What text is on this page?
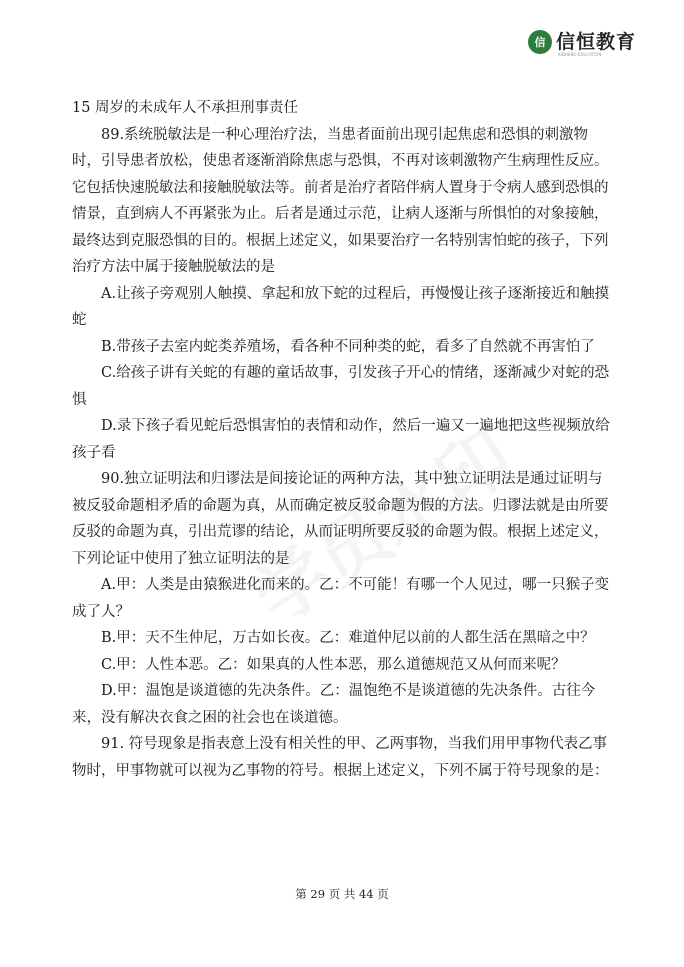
信 信恒教育
XINHENG EDUCATION

15 周岁的未成年人不承担刑事责任

89.系统脱敏法是一种心理治疗法，当患者面前出现引起焦虑和恐惧的刺激物时，引导患者放松，使患者逐渐消除焦虑与恐惧，不再对该刺激物产生病理性反应。它包括快速脱敏法和接触脱敏法等。前者是治疗者陪伴病人置身于令病人感到恐惧的情景，直到病人不再紧张为止。后者是通过示范，让病人逐渐与所惧怕的对象接触，最终达到克服恐惧的目的。根据上述定义，如果要治疗一名特别害怕蛇的孩子，下列治疗方法中属于接触脱敏法的是

A.让孩子旁观别人触摸、拿起和放下蛇的过程后，再慢慢让孩子逐渐接近和触摸蛇

B.带孩子去室内蛇类养殖场，看各种不同种类的蛇，看多了自然就不再害怕了

C.给孩子讲有关蛇的有趣的童话故事，引发孩子开心的情绪，逐渐减少对蛇的恐惧

D.录下孩子看见蛇后恐惧害怕的表情和动作，然后一遍又一遍地把这些视频放给孩子看

90.独立证明法和归谬法是间接论证的两种方法，其中独立证明法是通过证明与被反驳命题相矛盾的命题为真，从而确定被反驳命题为假的方法。归谬法就是由所要反驳的命题为真，引出荒谬的结论，从而证明所要反驳的命题为假。根据上述定义，下列论证中使用了独立证明法的是

A.甲：人类是由猿猴进化而来的。乙：不可能！有哪一个人见过，哪一只猴子变成了人？

B.甲：天不生仲尼，万古如长夜。乙：难道仲尼以前的人都生活在黑暗之中？

C.甲：人性本恶。乙：如果真的人性本恶，那么道德规范又从何而来呢？

D.甲：温饱是谈道德的先决条件。乙：温饱绝不是谈道德的先决条件。古往今来，没有解决衣食之困的社会也在谈道德。

91. 符号现象是指表意上没有相关性的甲、乙两事物，当我们用甲事物代表乙事物时，甲事物就可以视为乙事物的符号。根据上述定义，下列不属于符号现象的是：

第 29 页 共 44 页
